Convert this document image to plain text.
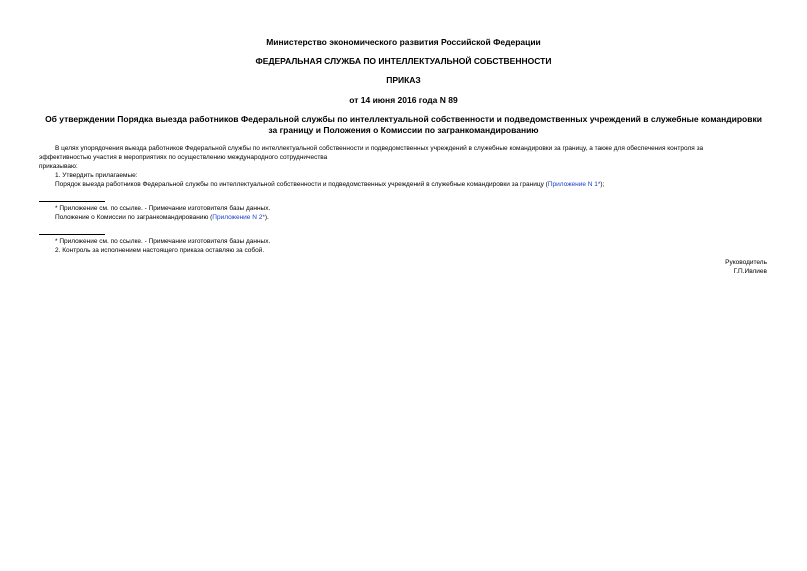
Министерство экономического развития Российской Федерации
ФЕДЕРАЛЬНАЯ СЛУЖБА ПО ИНТЕЛЛЕКТУАЛЬНОЙ СОБСТВЕННОСТИ
ПРИКАЗ
от 14 июня 2016 года N 89
Об утверждении Порядка выезда работников Федеральной службы по интеллектуальной собственности и подведомственных учреждений в служебные командировки за границу и Положения о Комиссии по загранкомандированию
В целях упорядочения выезда работников Федеральной службы по интеллектуальной собственности и подведомственных учреждений в служебные командировки за границу, а также для обеспечения контроля за
эффективностью участия в мероприятиях по осуществлению международного сотрудничества
приказываю:
1. Утвердить прилагаемые:
Порядок выезда работников Федеральной службы по интеллектуальной собственности и подведомственных учреждений в служебные командировки за границу (Приложение N 1*);
* Приложение см. по ссылке. - Примечание изготовителя базы данных.
Положение о Комиссии по загранкомандированию (Приложение N 2*).
* Приложение см. по ссылке. - Примечание изготовителя базы данных.
2. Контроль за исполнением настоящего приказа оставляю за собой.
Руководитель
Г.П.Ивлиев
